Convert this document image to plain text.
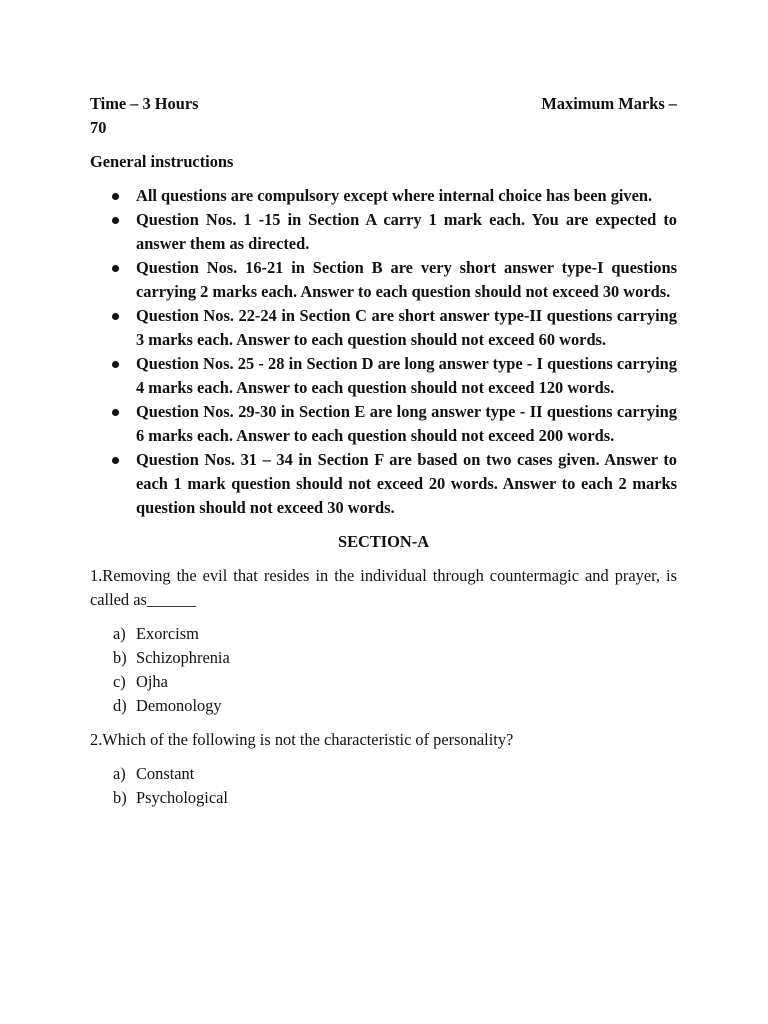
Time – 3 Hours	Maximum Marks –
70
General instructions
All questions are compulsory except where internal choice has been given.
Question Nos. 1 -15 in Section A carry 1 mark each. You are expected to answer them as directed.
Question Nos. 16-21 in Section B are very short answer type-I questions carrying 2 marks each. Answer to each question should not exceed 30 words.
Question Nos. 22-24 in Section C are short answer type-II questions carrying 3 marks each. Answer to each question should not exceed 60 words.
Question Nos. 25 - 28 in Section D are long answer type - I questions carrying 4 marks each. Answer to each question should not exceed 120 words.
Question Nos. 29-30 in Section E are long answer type - II questions carrying 6 marks each. Answer to each question should not exceed 200 words.
Question Nos. 31 – 34 in Section F are based on two cases given. Answer to each 1 mark question should not exceed 20 words. Answer to each 2 marks question should not exceed 30 words.
SECTION-A
1.Removing the evil that resides in the individual through countermagic and prayer, is called as______
a) Exorcism
b) Schizophrenia
c) Ojha
d) Demonology
2.Which of the following is not the characteristic of personality?
a) Constant
b) Psychological
